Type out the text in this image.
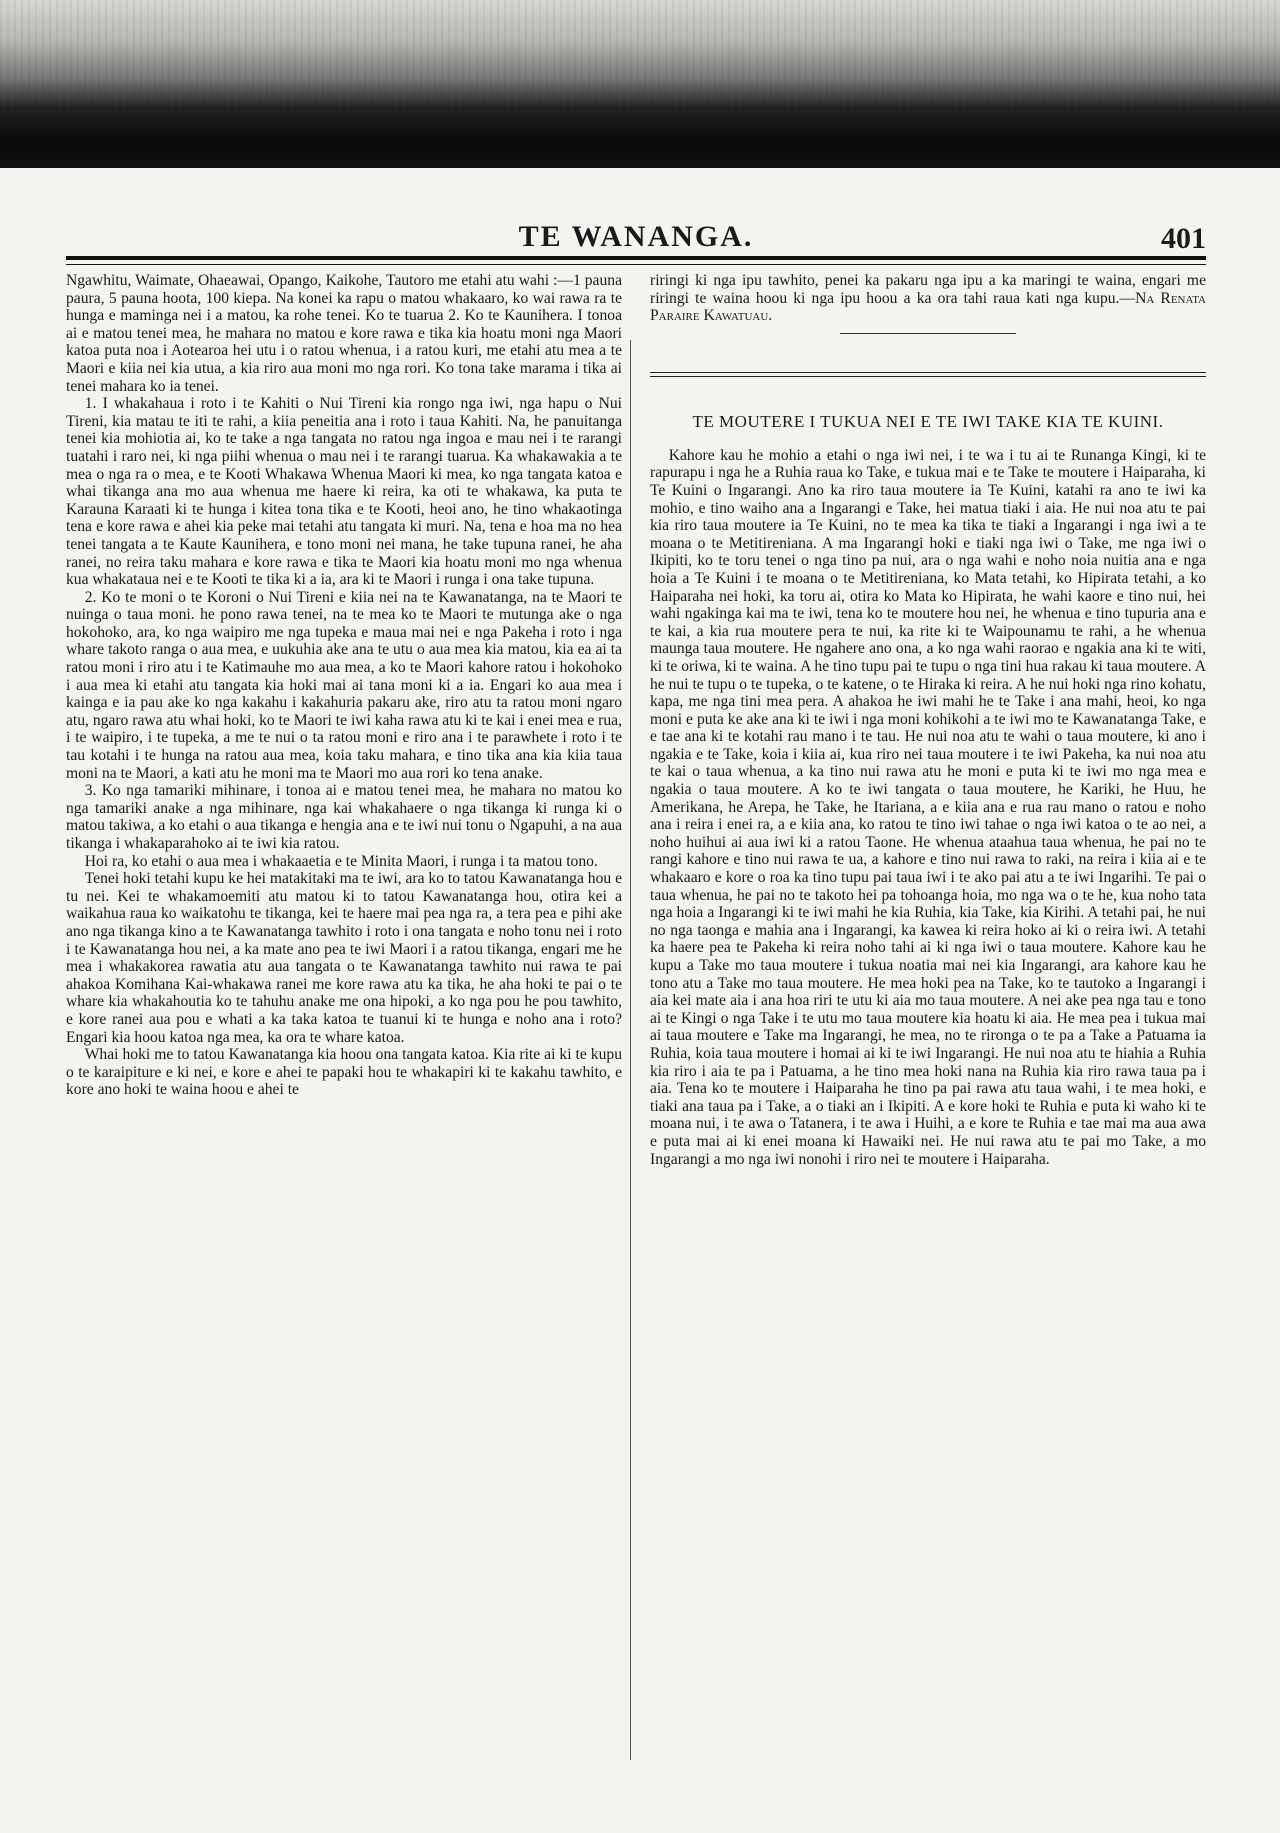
TE WANANGA.	401

Ngawhitu, Waimate, Ohaeawai, Opango, Kaikohe, Tautoro me etahi atu wahi :—1 pauna paura, 5 pauna hoota, 100 kiepa. Na konei ka rapu o matou whakaaro, ko wai rawa ra te hunga e maminga nei i a matou, ka rohe tenei. Ko te tuarua 2. Ko te Kaunihera. I tonoa ai e matou tenei mea, he mahara no matou e kore rawa e tika kia hoatu moni nga Maori katoa puta noa i Aotearoa hei utu i o ratou whenua, i a ratou kuri, me etahi atu mea a te Maori e kiia nei kia utua, a kia riro aua moni mo nga rori. Ko tona take marama i tika ai tenei mahara ko ia tenei.

1. I whakahaua i roto i te Kahiti o Nui Tireni kia rongo nga iwi, nga hapu o Nui Tireni, kia matau te iti te rahi, a kiia peneitia ana i roto i taua Kahiti. Na, he panuitanga tenei kia mohiotia ai, ko te take a nga tangata no ratou nga ingoa e mau nei i te rarangi tuatahi i raro nei, ki nga piihi whenua o mau nei i te rarangi tuarua. Ka whakawakia a te mea o nga ra o mea, e te Kooti Whakawa Whenua Maori ki mea, ko nga tangata katoa e whai tikanga ana mo aua whenua me haere ki reira, ka oti te whakawa, ka puta te Karauna Karaati ki te hunga i kitea tona tika e te Kooti, heoi ano, he tino whakaotinga tena e kore rawa e ahei kia peke mai tetahi atu tangata ki muri. Na, tena e hoa ma no hea tenei tangata a te Kaute Kaunihera, e tono moni nei mana, he take tupuna ranei, he aha ranei, no reira taku mahara e kore rawa e tika te Maori kia hoatu moni mo nga whenua kua whakataua nei e te Kooti te tika ki a ia, ara ki te Maori i runga i ona take tupuna.

2. Ko te moni o te Koroni o Nui Tireni e kiia nei na te Kawanatanga, na te Maori te nuinga o taua moni. he pono rawa tenei, na te mea ko te Maori te mutunga ake o nga hokohoko, ara, ko nga waipiro me nga tupeka e maua mai nei e nga Pakeha i roto i nga whare takoto ranga o aua mea, e uukuhia ake ana te utu o aua mea kia matou, kia ea ai ta ratou moni i riro atu i te Katimauhe mo aua mea, a ko te Maori kahore ratou i hokohoko i aua mea ki etahi atu tangata kia hoki mai ai tana moni ki a ia. Engari ko aua mea i kainga e ia pau ake ko nga kakahu i kakahuria pakaru ake, riro atu ta ratou moni ngaro atu, ngaro rawa atu whai hoki, ko te Maori te iwi kaha rawa atu ki te kai i enei mea e rua, i te waipiro, i te tupeka, a me te nui o ta ratou moni e riro ana i te parawhete i roto i te tau kotahi i te hunga na ratou aua mea, koia taku mahara, e tino tika ana kia kiia taua moni na te Maori, a kati atu he moni ma te Maori mo aua rori ko tena anake.

3. Ko nga tamariki mihinare, i tonoa ai e matou tenei mea, he mahara no matou ko nga tamariki anake a nga mihinare, nga kai whakahaere o nga tikanga ki runga ki o matou takiwa, a ko etahi o aua tikanga e hengia ana e te iwi nui tonu o Ngapuhi, a na aua tikanga i whakaparahoko ai te iwi kia ratou.

Hoi ra, ko etahi o aua mea i whakaaetia e te Minita Maori, i runga i ta matou tono.

Tenei hoki tetahi kupu ke hei matakitaki ma te iwi, ara ko to tatou Kawanatanga hou e tu nei. Kei te whakamoemiti atu matou ki to tatou Kawanatanga hou, otira kei a waikahua raua ko waikatohu te tikanga, kei te haere mai pea nga ra, a tera pea e pihi ake ano nga tikanga kino a te Kawanatanga tawhito i roto i ona tangata e noho tonu nei i roto i te Kawanatanga hou nei, a ka mate ano pea te iwi Maori i a ratou tikanga, engari me he mea i whakakorea rawatia atu aua tangata o te Kawanatanga tawhito nui rawa te pai ahakoa Komihana Kai-whakawa ranei me kore rawa atu ka tika, he aha hoki te pai o te whare kia whakahoutia ko te tahuhu anake me ona hipoki, a ko nga pou he pou tawhito, e kore ranei aua pou e whati a ka taka katoa te tuanui ki te hunga e noho ana i roto? Engari kia hoou katoa nga mea, ka ora te whare katoa.

Whai hoki me to tatou Kawanatanga kia hoou ona tangata katoa. Kia rite ai ki te kupu o te karaipiture e ki nei, e kore e ahei te papaki hou te whakapiri ki te kakahu tawhito, e kore ano hoki te waina hoou e ahei te

riringi ki nga ipu tawhito, penei ka pakaru nga ipu a ka maringi te waina, engari me riringi te waina hoou ki nga ipu hoou a ka ora tahi raua kati nga kupu.—Na Renata Paraire Kawatuau.

TE MOUTERE I TUKUA NEI E TE IWI TAKE KIA TE KUINI.

Kahore kau he mohio a etahi o nga iwi nei, i te wa i tu ai te Runanga Kingi, ki te rapurapu i nga he a Ruhia raua ko Take, e tukua mai e te Take te moutere i Haiparaha, ki Te Kuini o Ingarangi. Ano ka riro taua moutere ia Te Kuini, katahi ra ano te iwi ka mohio, e tino waiho ana a Ingarangi e Take, hei matua tiaki i aia. He nui noa atu te pai kia riro taua moutere ia Te Kuini, no te mea ka tika te tiaki a Ingarangi i nga iwi a te moana o te Metitireniana. A ma Ingarangi hoki e tiaki nga iwi o Take, me nga iwi o Ikipiti, ko te toru tenei o nga tino pa nui, ara o nga wahi e noho noia nuitia ana e nga hoia a Te Kuini i te moana o te Metitireniana, ko Mata tetahi, ko Hipirata tetahi, a ko Haiparaha nei hoki, ka toru ai, otira ko Mata ko Hipirata, he wahi kaore e tino nui, hei wahi ngakinga kai ma te iwi, tena ko te moutere hou nei, he whenua e tino tupuria ana e te kai, a kia rua moutere pera te nui, ka rite ki te Waipounamu te rahi, a he whenua maunga taua moutere. He ngahere ano ona, a ko nga wahi raorao e ngakia ana ki te witi, ki te oriwa, ki te waina. A he tino tupu pai te tupu o nga tini hua rakau ki taua moutere. A he nui te tupu o te tupeka, o te katene, o te Hiraka ki reira. A he nui hoki nga rino kohatu, kapa, me nga tini mea pera. A ahakoa he iwi mahi he te Take i ana mahi, heoi, ko nga moni e puta ke ake ana ki te iwi i nga moni kohikohi a te iwi mo te Kawanatanga Take, e e tae ana ki te kotahi rau mano i te tau. He nui noa atu te wahi o taua moutere, ki ano i ngakia e te Take, koia i kiia ai, kua riro nei taua moutere i te iwi Pakeha, ka nui noa atu te kai o taua whenua, a ka tino nui rawa atu he moni e puta ki te iwi mo nga mea e ngakia o taua moutere. A ko te iwi tangata o taua moutere, he Kariki, he Huu, he Amerikana, he Arepa, he Take, he Itariana, a e kiia ana e rua rau mano o ratou e noho ana i reira i enei ra, a e kiia ana, ko ratou te tino iwi tahae o nga iwi katoa o te ao nei, a noho huihui ai aua iwi ki a ratou Taone. He whenua ataahua taua whenua, he pai no te rangi kahore e tino nui rawa te ua, a kahore e tino nui rawa to raki, na reira i kiia ai e te whakaaro e kore o roa ka tino tupu pai taua iwi i te ako pai atu a te iwi Ingarihi. Te pai o taua whenua, he pai no te takoto hei pa tohoanga hoia, mo nga wa o te he, kua noho tata nga hoia a Ingarangi ki te iwi mahi he kia Ruhia, kia Take, kia Kirihi. A tetahi pai, he nui no nga taonga e mahia ana i Ingarangi, ka kawea ki reira hoko ai ki o reira iwi. A tetahi ka haere pea te Pakeha ki reira noho tahi ai ki nga iwi o taua moutere. Kahore kau he kupu a Take mo taua moutere i tukua noatia mai nei kia Ingarangi, ara kahore kau he tono atu a Take mo taua moutere. He mea hoki pea na Take, ko te tautoko a Ingarangi i aia kei mate aia i ana hoa riri te utu ki aia mo taua moutere. A nei ake pea nga tau e tono ai te Kingi o nga Take i te utu mo taua moutere kia hoatu ki aia. He mea pea i tukua mai ai taua moutere e Take ma Ingarangi, he mea, no te rironga o te pa a Take a Patuama ia Ruhia, koia taua moutere i homai ai ki te iwi Ingarangi. He nui noa atu te hiahia a Ruhia kia riro i aia te pa i Patuama, a he tino mea hoki nana na Ruhia kia riro rawa taua pa i aia. Tena ko te moutere i Haiparaha he tino pa pai rawa atu taua wahi, i te mea hoki, e tiaki ana taua pa i Take, a o tiaki an i Ikipiti. A e kore hoki te Ruhia e puta ki waho ki te moana nui, i te awa o Tatanera, i te awa i Huihi, a e kore te Ruhia e tae mai ma aua awa e puta mai ai ki enei moana ki Hawaiki nei. He nui rawa atu te pai mo Take, a mo Ingarangi a mo nga iwi nonohi i riro nei te moutere i Haiparaha.
